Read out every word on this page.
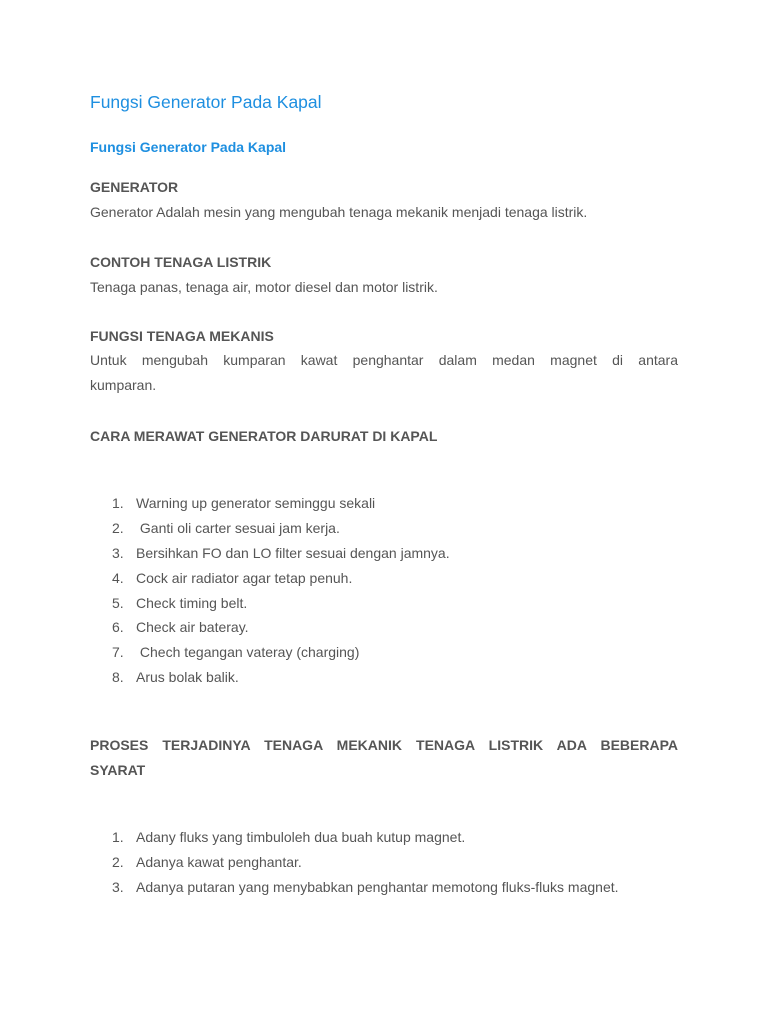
Fungsi Generator Pada Kapal
Fungsi Generator Pada Kapal
GENERATOR

Generator Adalah mesin yang mengubah tenaga mekanik menjadi tenaga listrik.

CONTOH TENAGA LISTRIK

Tenaga panas, tenaga air, motor diesel dan motor listrik.

FUNGSI TENAGA MEKANIS
Untuk mengubah kumparan kawat penghantar dalam medan magnet di antara
kumparan.
CARA MERAWAT GENERATOR DARURAT DI KAPAL
1. Warning up generator seminggu sekali
2. Ganti oli carter sesuai jam kerja.
3. Bersihkan FO dan LO filter sesuai dengan jamnya.
4. Cock air radiator agar tetap penuh.
5. Check timing belt.
6. Check air bateray.
7. Chech tegangan vateray (charging)
8. Arus bolak balik.
PROSES TERJADINYA TENAGA MEKANIK TENAGA LISTRIK ADA BEBERAPA
SYARAT
1. Adany fluks yang timbuloleh dua buah kutup magnet.
2. Adanya kawat penghantar.
3. Adanya putaran yang menybabkan penghantar memotong fluks-fluks magnet.
